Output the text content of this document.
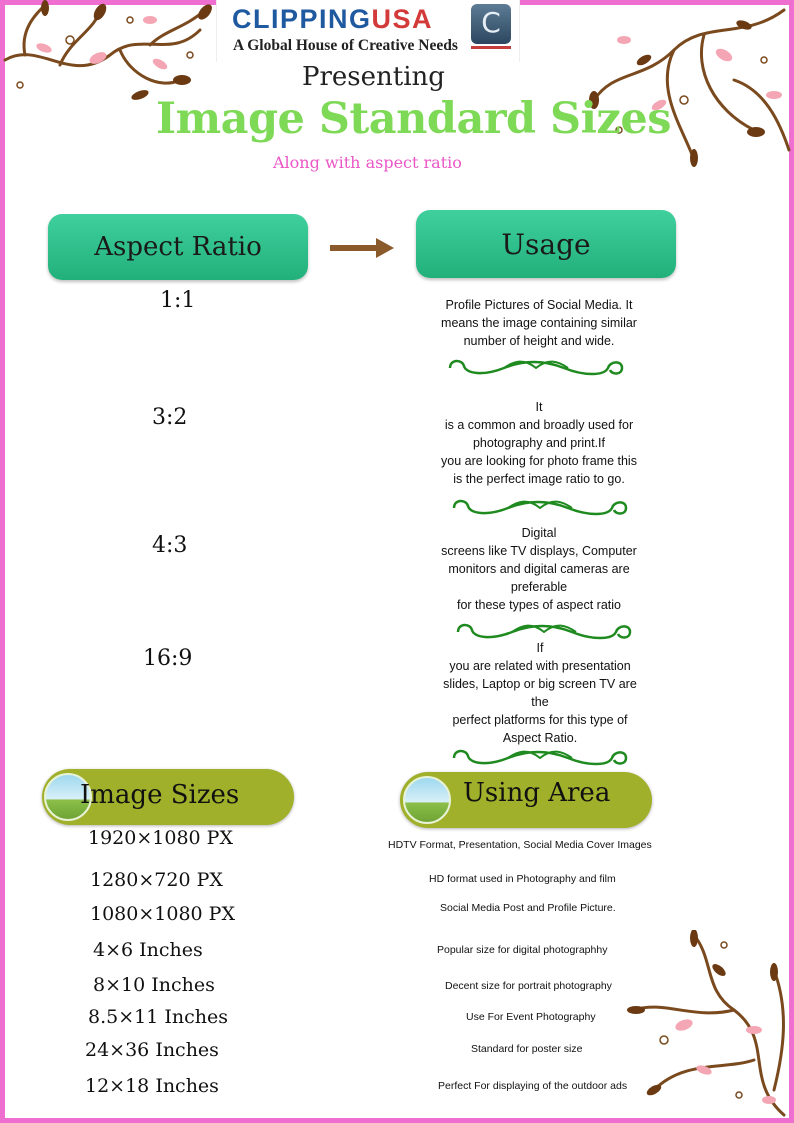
CLIPPINGUSA
A Global House of Creative Needs
C
Presenting
Image Standard Sizes
Along with aspect ratio
Aspect Ratio	Usage
1:1
3:2
4:3
16:9
Profile Pictures of Social Media. It
means the image containing similar
number of height and wide.
It
is a common and broadly used for
photography and print.If
you are looking for photo frame this
is the perfect image ratio to go.
Digital
screens like TV displays, Computer
monitors and digital cameras are
preferable
for these types of aspect ratio
If
you are related with presentation
slides, Laptop or big screen TV are
the
perfect platforms for this type of
Aspect Ratio.
Image Sizes	Using Area
1920×1080 PX
1280×720 PX
1080×1080 PX
4×6 Inches
8×10 Inches
8.5×11 Inches
24×36 Inches
12×18 Inches
HDTV Format, Presentation, Social Media Cover Images
HD format used in Photography and film
Social Media Post and Profile Picture.
Popular size for digital photographhy
Decent size for portrait photography
Use For Event Photography
Standard for poster size
Perfect For displaying of the outdoor ads
